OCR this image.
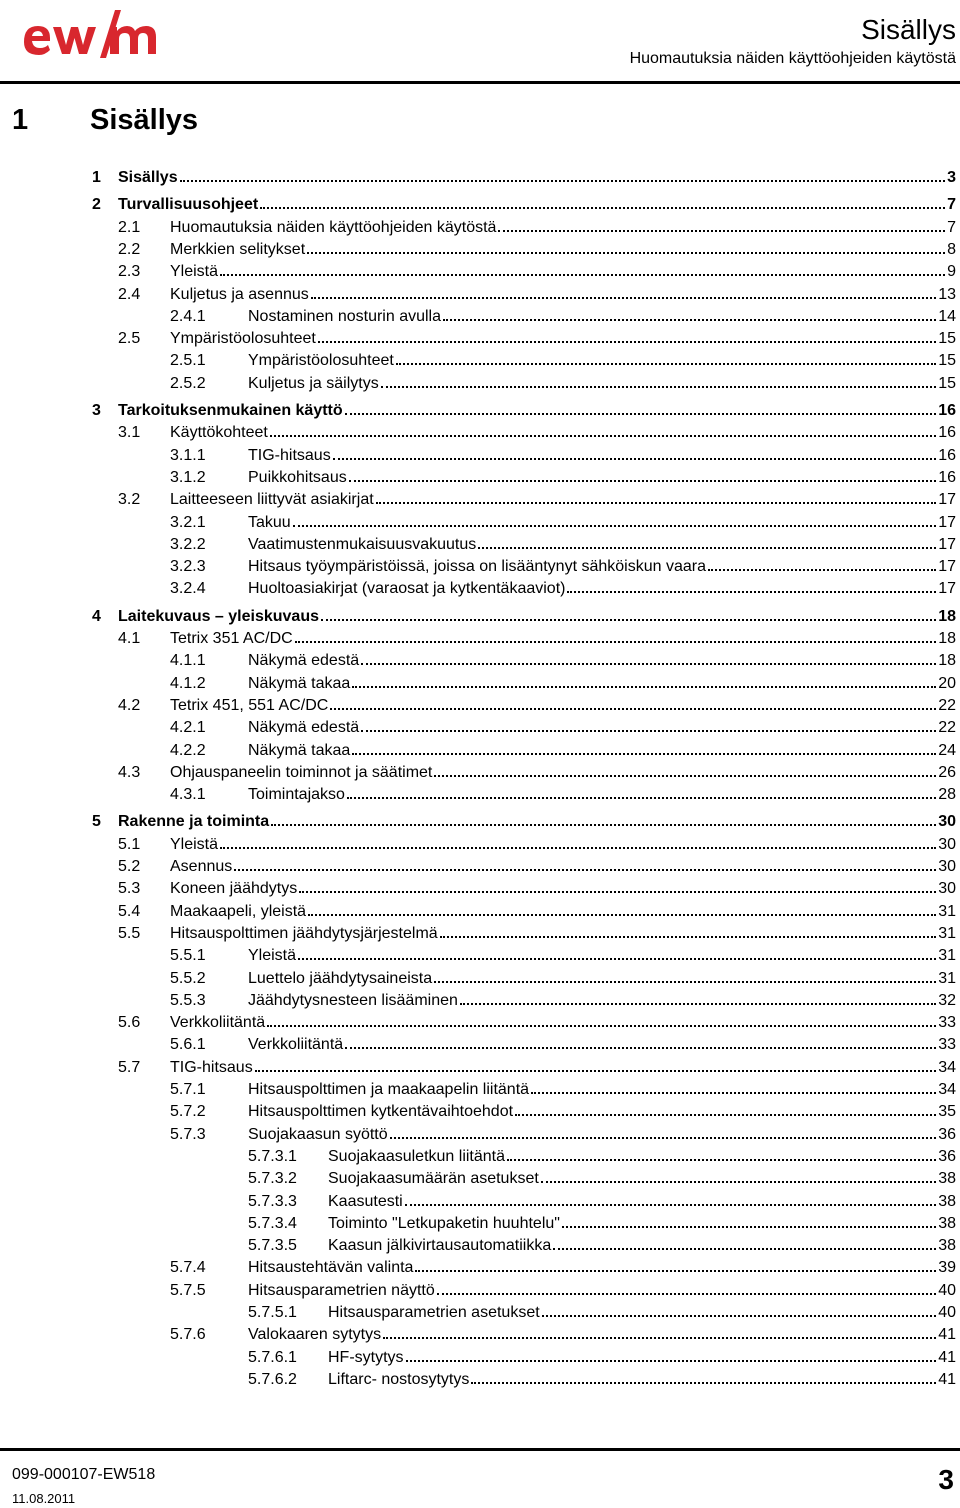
Sisällys
Huomautuksia näiden käyttöohjeiden käytöstä
1	Sisällys
1	Sisällys	3
2	Turvallisuusohjeet	7
2.1	Huomautuksia näiden käyttöohjeiden käytöstä	7
2.2	Merkkien selitykset	8
2.3	Yleistä	9
2.4	Kuljetus ja asennus	13
2.4.1	Nostaminen nosturin avulla	14
2.5	Ympäristöolosuhteet	15
2.5.1	Ympäristöolosuhteet	15
2.5.2	Kuljetus ja säilytys	15
3	Tarkoituksenmukainen käyttö	16
3.1	Käyttökohteet	16
3.1.1	TIG-hitsaus	16
3.1.2	Puikkohitsaus	16
3.2	Laitteeseen liittyvät asiakirjat	17
3.2.1	Takuu	17
3.2.2	Vaatimustenmukaisuusvakuutus	17
3.2.3	Hitsaus työympäristöissä, joissa on lisääntynyt sähköiskun vaara	17
3.2.4	Huoltoasiakirjat (varaosat ja kytkentäkaaviot)	17
4	Laitekuvaus – yleiskuvaus	18
4.1	Tetrix 351 AC/DC	18
4.1.1	Näkymä edestä	18
4.1.2	Näkymä takaa	20
4.2	Tetrix 451, 551 AC/DC	22
4.2.1	Näkymä edestä	22
4.2.2	Näkymä takaa	24
4.3	Ohjauspaneelin toiminnot ja säätimet	26
4.3.1	Toimintajakso	28
5	Rakenne ja toiminta	30
5.1	Yleistä	30
5.2	Asennus	30
5.3	Koneen jäähdytys	30
5.4	Maakaapeli, yleistä	31
5.5	Hitsauspolttimen jäähdytysjärjestelmä	31
5.5.1	Yleistä	31
5.5.2	Luettelo jäähdytysaineista	31
5.5.3	Jäähdytysnesteen lisääminen	32
5.6	Verkkoliitäntä	33
5.6.1	Verkkoliitäntä	33
5.7	TIG-hitsaus	34
5.7.1	Hitsauspolttimen ja maakaapelin liitäntä	34
5.7.2	Hitsauspolttimen kytkentävaihtoehdot	35
5.7.3	Suojakaasun syöttö	36
5.7.3.1	Suojakaasuletkun liitäntä	36
5.7.3.2	Suojakaasumäärän asetukset	38
5.7.3.3	Kaasutesti	38
5.7.3.4	Toiminto "Letkupaketin huuhtelu"	38
5.7.3.5	Kaasun jälkivirtausautomatiikka	38
5.7.4	Hitsaustehtävän valinta	39
5.7.5	Hitsausparametrien näyttö	40
5.7.5.1	Hitsausparametrien asetukset	40
5.7.6	Valokaaren sytytys	41
5.7.6.1	HF-sytytys	41
5.7.6.2	Liftarc- nostosytytys	41
099-000107-EW518
11.08.2011
3
